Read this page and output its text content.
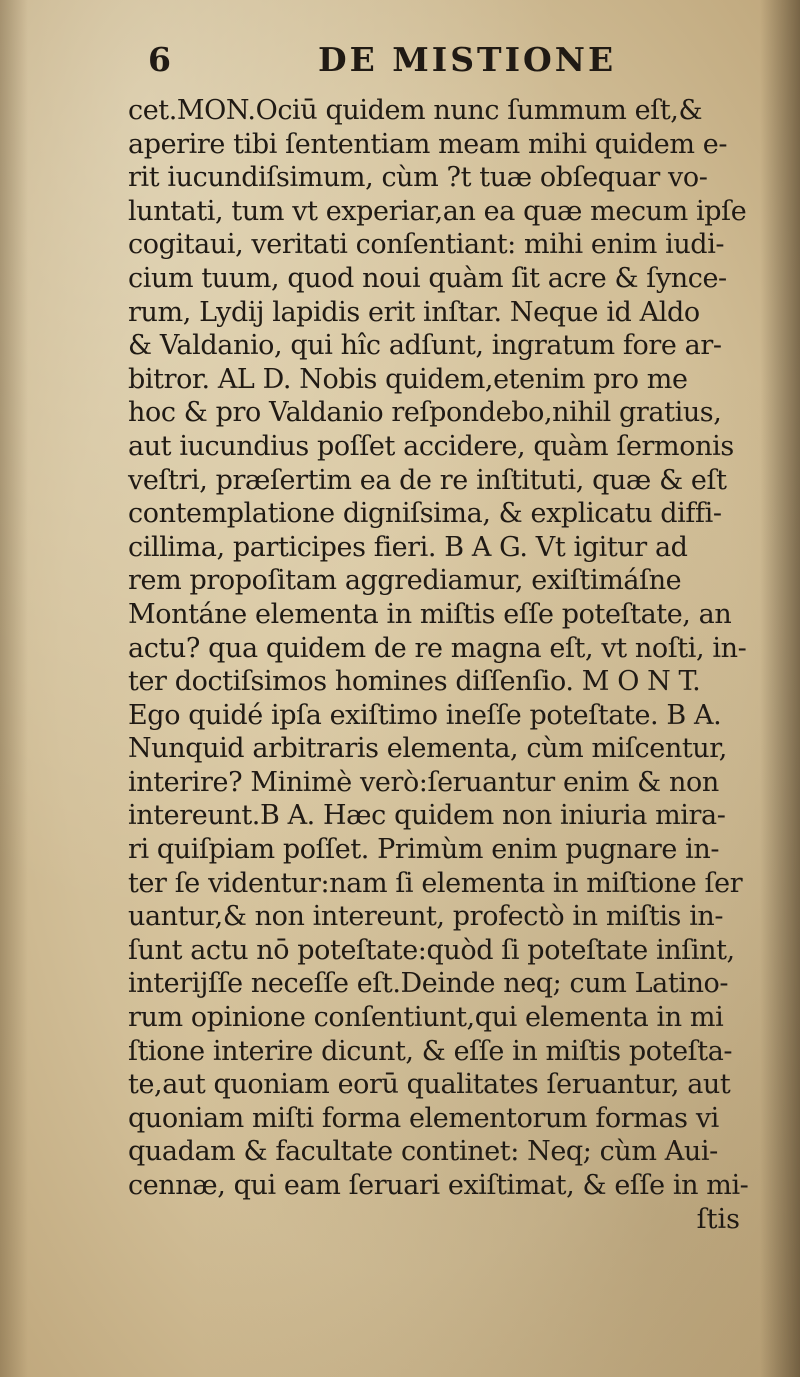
6	DE MISTIONE
cet.MON.Ociū quidem nunc ſummum eſt,&
aperire tibi ſententiam meam mihi quidem e-
rit iucundiſsimum, cùm ?t tuæ obſequar vo-
luntati, tum vt experiar,an ea quæ mecum ipſe
cogitaui, veritati conſentiant: mihi enim iudi-
cium tuum, quod noui quàm ſit acre & ſynce-
rum, Lydij lapidis erit inſtar. Neque id Aldo
& Valdanio, qui hîc adſunt, ingratum fore ar-
bitror. AL D. Nobis quidem,etenim pro me
hoc & pro Valdanio reſpondebo,nihil gratius,
aut iucundius poſſet accidere, quàm ſermonis
veſtri, præſertim ea de re inſtituti, quæ & eſt
contemplatione digniſsima, & explicatu diffi-
cillima, participes fieri. B A G. Vt igitur ad
rem propoſitam aggrediamur, exiſtimáſne
Montáne elementa in miſtis eſſe poteſtate, an
actu? qua quidem de re magna eſt, vt noſti, in-
ter doctiſsimos homines diſſenſio. M O N T.
Ego quidé ipſa exiſtimo ineſſe poteſtate. B A.
Nunquid arbitraris elementa, cùm miſcentur,
interire? Minimè verò:ſeruantur enim & non
intereunt.B A. Hæc quidem non iniuria mira-
ri quiſpiam poſſet. Primùm enim pugnare in-
ter ſe videntur:nam ſi elementa in miſtione ſer
uantur,& non intereunt, profectò in miſtis in-
ſunt actu nō poteſtate:quòd ſi poteſtate inſint,
interijſſe neceſſe eſt.Deinde neq; cum Latino-
rum opinione conſentiunt,qui elementa in mi
ſtione interire dicunt, & eſſe in miſtis poteſta-
te,aut quoniam eorū qualitates ſeruantur, aut
quoniam miſti forma elementorum formas vi
quadam & facultate continet: Neq; cùm Aui-
cennæ, qui eam ſeruari exiſtimat, & eſſe in mi-
ſtis
